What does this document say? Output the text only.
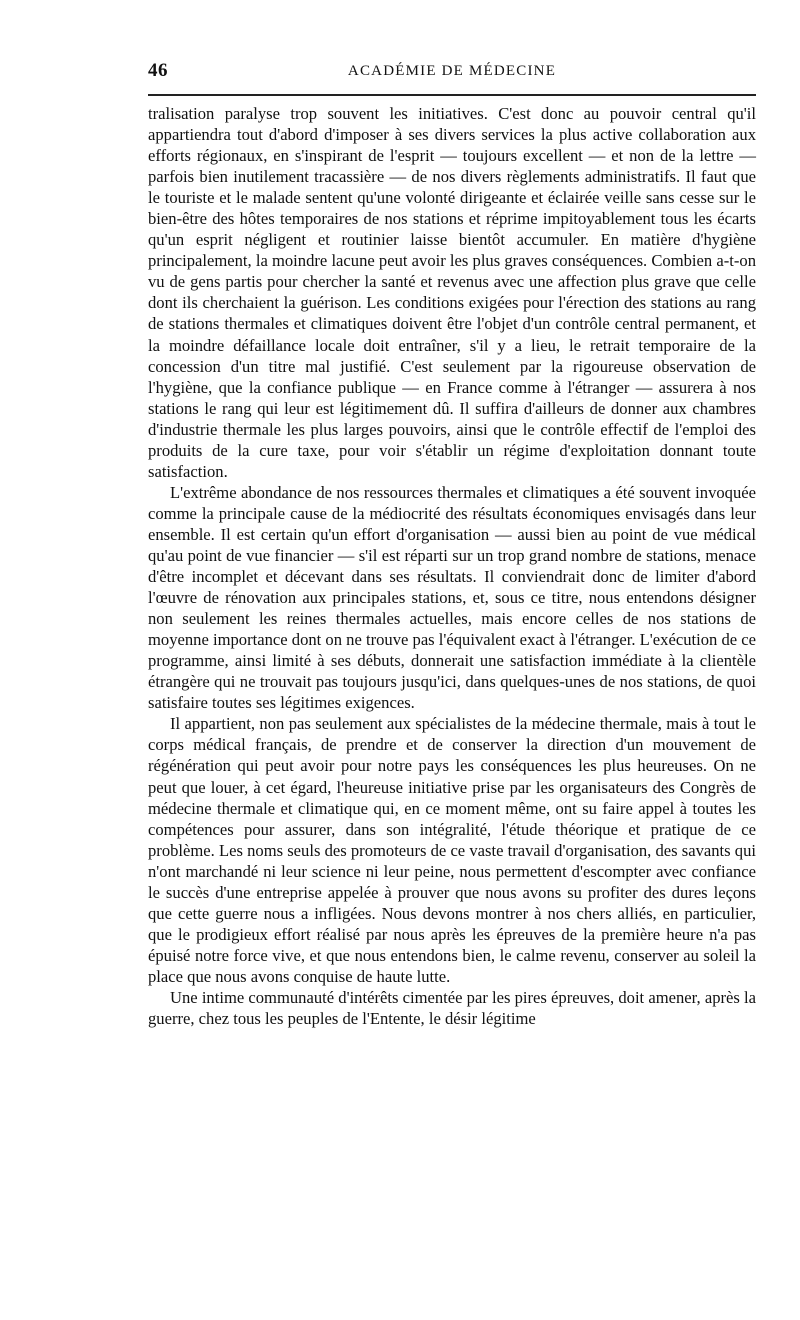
46	ACADÉMIE DE MÉDECINE

tralisation paralyse trop souvent les initiatives. C'est donc au pouvoir central qu'il appartiendra tout d'abord d'imposer à ses divers services la plus active collaboration aux efforts régionaux, en s'inspirant de l'esprit — toujours excellent — et non de la lettre — parfois bien inutilement tracassière — de nos divers règlements administratifs. Il faut que le touriste et le malade sentent qu'une volonté dirigeante et éclairée veille sans cesse sur le bien-être des hôtes temporaires de nos stations et réprime impitoyablement tous les écarts qu'un esprit négligent et routinier laisse bientôt accumuler. En matière d'hygiène principalement, la moindre lacune peut avoir les plus graves conséquences. Combien a-t-on vu de gens partis pour chercher la santé et revenus avec une affection plus grave que celle dont ils cherchaient la guérison. Les conditions exigées pour l'érection des stations au rang de stations thermales et climatiques doivent être l'objet d'un contrôle central permanent, et la moindre défaillance locale doit entraîner, s'il y a lieu, le retrait temporaire de la concession d'un titre mal justifié. C'est seulement par la rigoureuse observation de l'hygiène, que la confiance publique — en France comme à l'étranger — assurera à nos stations le rang qui leur est légitimement dû. Il suffira d'ailleurs de donner aux chambres d'industrie thermale les plus larges pouvoirs, ainsi que le contrôle effectif de l'emploi des produits de la cure taxe, pour voir s'établir un régime d'exploitation donnant toute satisfaction.

L'extrême abondance de nos ressources thermales et climatiques a été souvent invoquée comme la principale cause de la médiocrité des résultats économiques envisagés dans leur ensemble. Il est certain qu'un effort d'organisation — aussi bien au point de vue médical qu'au point de vue financier — s'il est réparti sur un trop grand nombre de stations, menace d'être incomplet et décevant dans ses résultats. Il conviendrait donc de limiter d'abord l'œuvre de rénovation aux principales stations, et, sous ce titre, nous entendons désigner non seulement les reines thermales actuelles, mais encore celles de nos stations de moyenne importance dont on ne trouve pas l'équivalent exact à l'étranger. L'exécution de ce programme, ainsi limité à ses débuts, donnerait une satisfaction immédiate à la clientèle étrangère qui ne trouvait pas toujours jusqu'ici, dans quelques-unes de nos stations, de quoi satisfaire toutes ses légitimes exigences.

Il appartient, non pas seulement aux spécialistes de la médecine thermale, mais à tout le corps médical français, de prendre et de conserver la direction d'un mouvement de régénération qui peut avoir pour notre pays les conséquences les plus heureuses. On ne peut que louer, à cet égard, l'heureuse initiative prise par les organisateurs des Congrès de médecine thermale et climatique qui, en ce moment même, ont su faire appel à toutes les compétences pour assurer, dans son intégralité, l'étude théorique et pratique de ce problème. Les noms seuls des promoteurs de ce vaste travail d'organisation, des savants qui n'ont marchandé ni leur science ni leur peine, nous permettent d'escompter avec confiance le succès d'une entreprise appelée à prouver que nous avons su profiter des dures leçons que cette guerre nous a infligées. Nous devons montrer à nos chers alliés, en particulier, que le prodigieux effort réalisé par nous après les épreuves de la première heure n'a pas épuisé notre force vive, et que nous entendons bien, le calme revenu, conserver au soleil la place que nous avons conquise de haute lutte.

Une intime communauté d'intérêts cimentée par les pires épreuves, doit amener, après la guerre, chez tous les peuples de l'Entente, le désir légitime
